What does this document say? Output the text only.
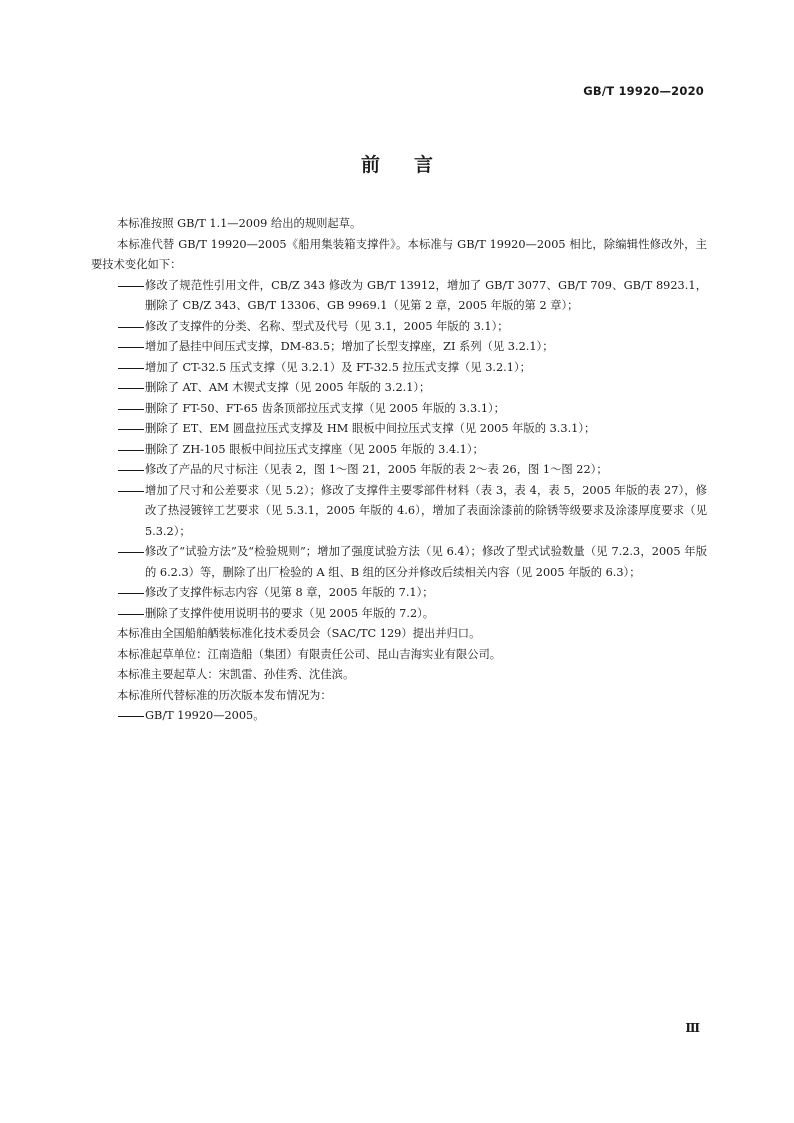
GB/T 19920—2020
前言
本标准按照 GB/T 1.1—2009 给出的规则起草。
本标准代替 GB/T 19920—2005《船用集装箱支撑件》。本标准与 GB/T 19920—2005 相比，除编辑性修改外，主要技术变化如下：
修改了规范性引用文件，CB/Z 343 修改为 GB/T 13912，增加了 GB/T 3077、GB/T 709、GB/T 8923.1，删除了 CB/Z 343、GB/T 13306、GB 9969.1（见第 2 章，2005 年版的第 2 章）；
修改了支撑件的分类、名称、型式及代号（见 3.1，2005 年版的 3.1）；
增加了悬挂中间压式支撑，DM-83.5；增加了长型支撑座，ZI 系列（见 3.2.1）；
增加了 CT-32.5 压式支撑（见 3.2.1）及 FT-32.5 拉压式支撑（见 3.2.1）；
删除了 AT、AM 木锲式支撑（见 2005 年版的 3.2.1）；
删除了 FT-50、FT-65 齿条顶部拉压式支撑（见 2005 年版的 3.3.1）；
删除了 ET、EM 圆盘拉压式支撑及 HM 眼板中间拉压式支撑（见 2005 年版的 3.3.1）；
删除了 ZH-105 眼板中间拉压式支撑座（见 2005 年版的 3.4.1）；
修改了产品的尺寸标注（见表 2，图 1～图 21，2005 年版的表 2～表 26，图 1～图 22）；
增加了尺寸和公差要求（见 5.2）；修改了支撑件主要零部件材料（表 3，表 4，表 5，2005 年版的表 27），修改了热浸镀锌工艺要求（见 5.3.1，2005 年版的 4.6），增加了表面涂漆前的除锈等级要求及涂漆厚度要求（见 5.3.2）；
修改了“试验方法”及“检验规则”；增加了强度试验方法（见 6.4）；修改了型式试验数量（见 7.2.3，2005 年版的 6.2.3）等，删除了出厂检验的 A 组、B 组的区分并修改后续相关内容（见 2005 年版的 6.3）；
修改了支撑件标志内容（见第 8 章，2005 年版的 7.1）；
删除了支撑件使用说明书的要求（见 2005 年版的 7.2）。
本标准由全国船舶舾装标准化技术委员会（SAC/TC 129）提出并归口。
本标准起草单位：江南造船（集团）有限责任公司、昆山吉海实业有限公司。
本标准主要起草人：宋凯雷、孙佳秀、沈佳滨。
本标准所代替标准的历次版本发布情况为：
GB/T 19920—2005。
Ⅲ
